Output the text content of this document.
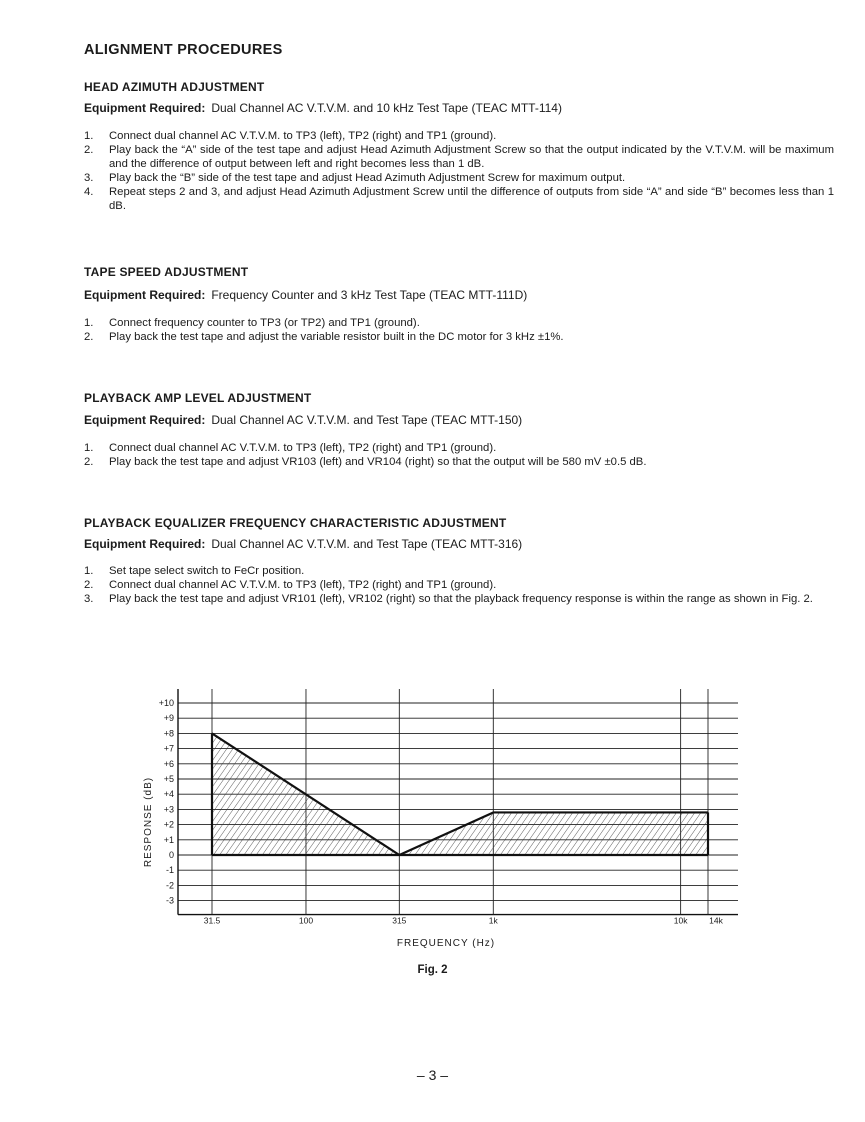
ALIGNMENT PROCEDURES
HEAD AZIMUTH ADJUSTMENT
Equipment Required: Dual Channel AC V.T.V.M. and 10 kHz Test Tape (TEAC MTT-114)
1. Connect dual channel AC V.T.V.M. to TP3 (left), TP2 (right) and TP1 (ground).
2. Play back the “A” side of the test tape and adjust Head Azimuth Adjustment Screw so that the output indicated by the V.T.V.M. will be maximum and the difference of output between left and right becomes less than 1 dB.
3. Play back the “B” side of the test tape and adjust Head Azimuth Adjustment Screw for maximum output.
4. Repeat steps 2 and 3, and adjust Head Azimuth Adjustment Screw until the difference of outputs from side “A” and side “B” becomes less than 1 dB.
TAPE SPEED ADJUSTMENT
Equipment Required: Frequency Counter and 3 kHz Test Tape (TEAC MTT-111D)
1. Connect frequency counter to TP3 (or TP2) and TP1 (ground).
2. Play back the test tape and adjust the variable resistor built in the DC motor for 3 kHz ±1%.
PLAYBACK AMP LEVEL ADJUSTMENT
Equipment Required: Dual Channel AC V.T.V.M. and Test Tape (TEAC MTT-150)
1. Connect dual channel AC V.T.V.M. to TP3 (left), TP2 (right) and TP1 (ground).
2. Play back the test tape and adjust VR103 (left) and VR104 (right) so that the output will be 580 mV ±0.5 dB.
PLAYBACK EQUALIZER FREQUENCY CHARACTERISTIC ADJUSTMENT
Equipment Required: Dual Channel AC V.T.V.M. and Test Tape (TEAC MTT-316)
1. Set tape select switch to FeCr position.
2. Connect dual channel AC V.T.V.M. to TP3 (left), TP2 (right) and TP1 (ground).
3. Play back the test tape and adjust VR101 (left), VR102 (right) so that the playback frequency response is within the range as shown in Fig. 2.
+10
+9
+8
+7
+6
+5
+4
+3
+2
+1
0
-1
-2
-3
31.5	100	315	1k	10k	14k
FREQUENCY (Hz)
RESPONSE (dB)
Fig. 2
– 3 –
